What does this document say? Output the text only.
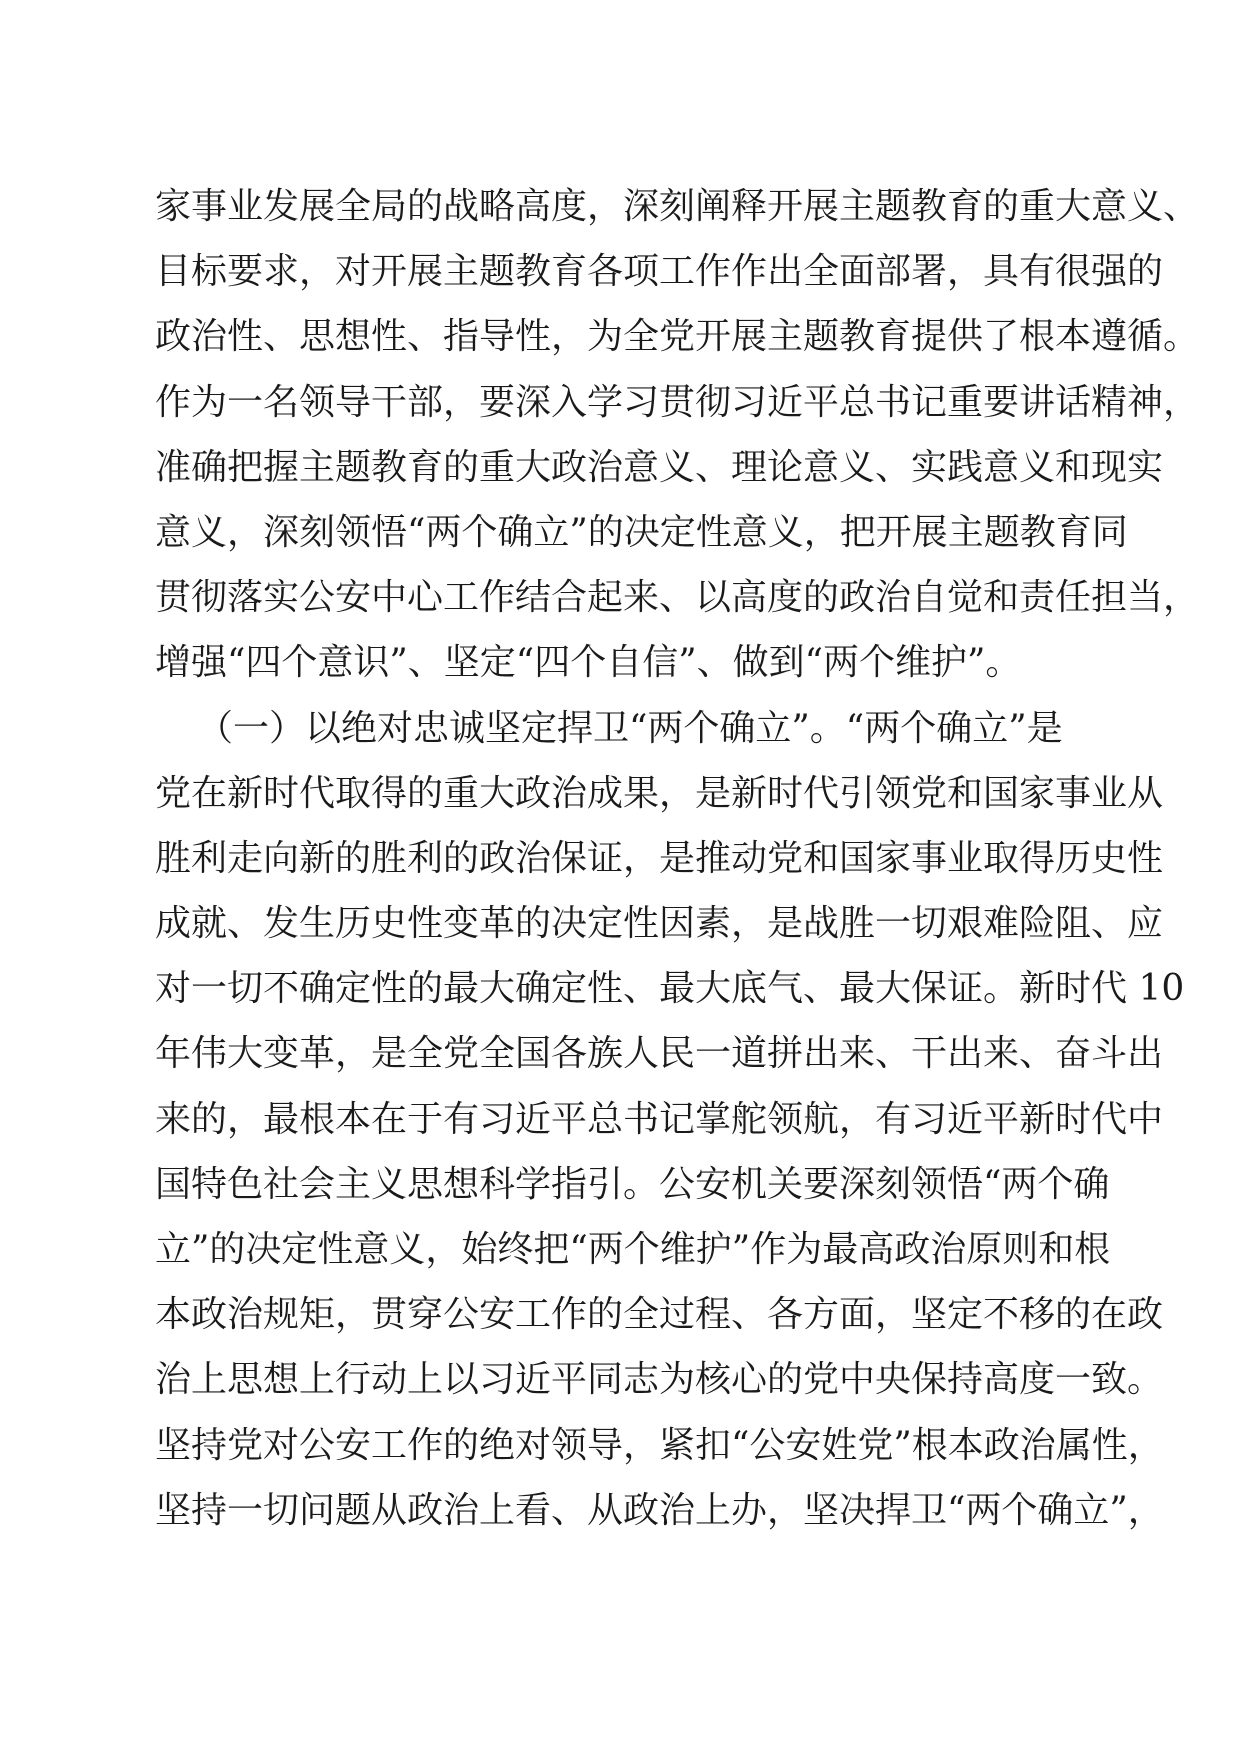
家事业发展全局的战略高度，深刻阐释开展主题教育的重大意义、
目标要求，对开展主题教育各项工作作出全面部署，具有很强的
政治性、思想性、指导性，为全党开展主题教育提供了根本遵循。
作为一名领导干部，要深入学习贯彻习近平总书记重要讲话精神，
准确把握主题教育的重大政治意义、理论意义、实践意义和现实
意义，深刻领悟“两个确立”的决定性意义，把开展主题教育同
贯彻落实公安中心工作结合起来、以高度的政治自觉和责任担当，
增强“四个意识”、坚定“四个自信”、做到“两个维护”。
（一）以绝对忠诚坚定捍卫“两个确立”。“两个确立”是
党在新时代取得的重大政治成果，是新时代引领党和国家事业从
胜利走向新的胜利的政治保证，是推动党和国家事业取得历史性
成就、发生历史性变革的决定性因素，是战胜一切艰难险阻、应
对一切不确定性的最大确定性、最大底气、最大保证。新时代 10
年伟大变革，是全党全国各族人民一道拼出来、干出来、奋斗出
来的，最根本在于有习近平总书记掌舵领航，有习近平新时代中
国特色社会主义思想科学指引。公安机关要深刻领悟“两个确
立”的决定性意义，始终把“两个维护”作为最高政治原则和根
本政治规矩，贯穿公安工作的全过程、各方面，坚定不移的在政
治上思想上行动上以习近平同志为核心的党中央保持高度一致。
坚持党对公安工作的绝对领导，紧扣“公安姓党”根本政治属性，
坚持一切问题从政治上看、从政治上办，坚决捍卫“两个确立”，
